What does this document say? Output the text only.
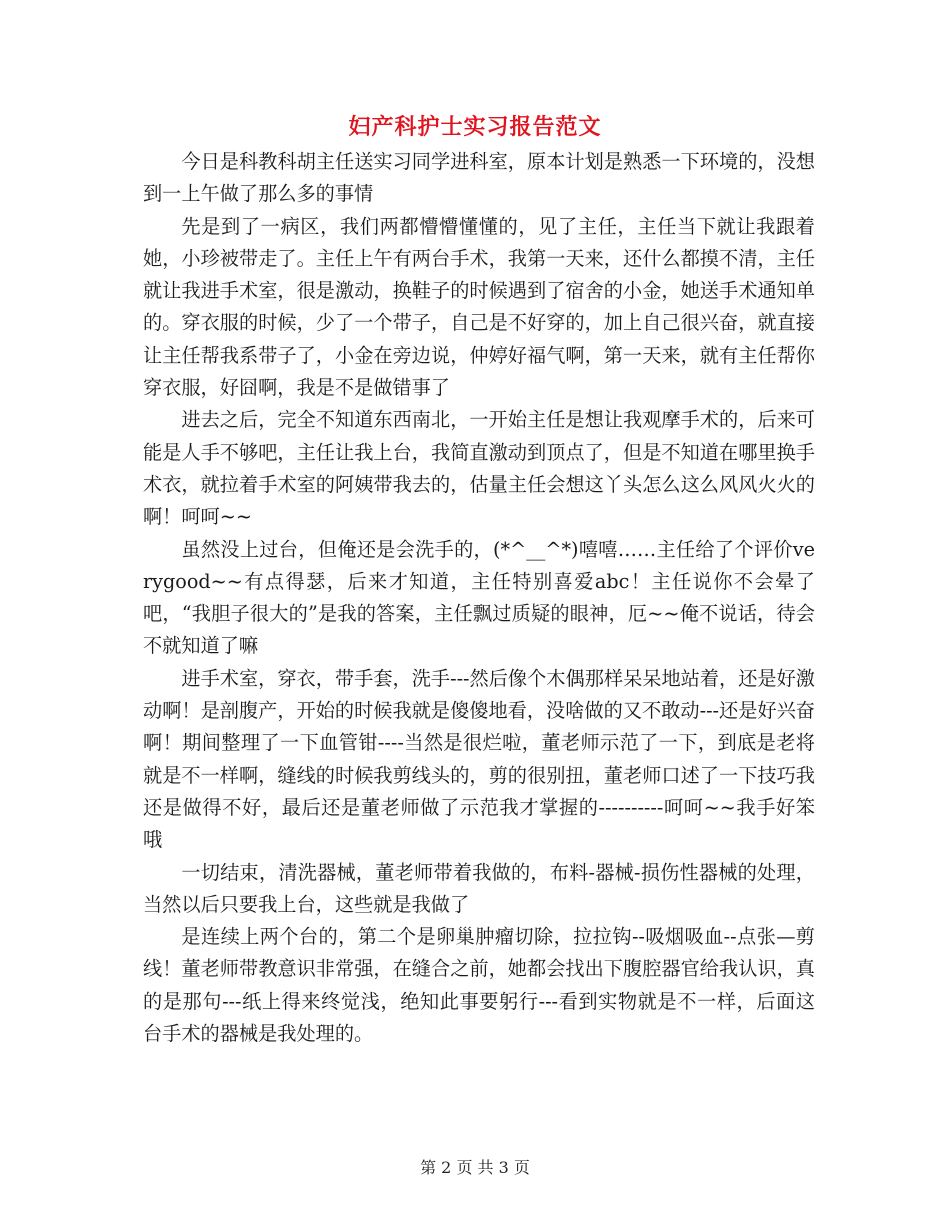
妇产科护士实习报告范文

今日是科教科胡主任送实习同学进科室，原本计划是熟悉一下环境的，没想到一上午做了那么多的事情

先是到了一病区，我们两都懵懵懂懂的，见了主任，主任当下就让我跟着她，小珍被带走了。主任上午有两台手术，我第一天来，还什么都摸不清，主任就让我进手术室，很是激动，换鞋子的时候遇到了宿舍的小金，她送手术通知单的。穿衣服的时候，少了一个带子，自己是不好穿的，加上自己很兴奋，就直接让主任帮我系带子了，小金在旁边说，仲婷好福气啊，第一天来，就有主任帮你穿衣服，好囧啊，我是不是做错事了

进去之后，完全不知道东西南北，一开始主任是想让我观摩手术的，后来可能是人手不够吧，主任让我上台，我简直激动到顶点了，但是不知道在哪里换手术衣，就拉着手术室的阿姨带我去的，估量主任会想这丫头怎么这么风风火火的啊！呵呵~~

虽然没上过台，但俺还是会洗手的，(*^__^*)嘻嘻……主任给了个评价verygood~~有点得瑟，后来才知道，主任特别喜爱abc！主任说你不会晕了吧，“我胆子很大的”是我的答案，主任飘过质疑的眼神，厄~~俺不说话，待会不就知道了嘛

进手术室，穿衣，带手套，洗手---然后像个木偶那样呆呆地站着，还是好激动啊！是剖腹产，开始的时候我就是傻傻地看，没啥做的又不敢动---还是好兴奋啊！期间整理了一下血管钳----当然是很烂啦，董老师示范了一下，到底是老将就是不一样啊，缝线的时候我剪线头的，剪的很别扭，董老师口述了一下技巧我还是做得不好，最后还是董老师做了示范我才掌握的----------呵呵~~我手好笨哦

一切结束，清洗器械，董老师带着我做的，布料-器械-损伤性器械的处理，当然以后只要我上台，这些就是我做了

是连续上两个台的，第二个是卵巢肿瘤切除，拉拉钩--吸烟吸血--点张—剪线！董老师带教意识非常强，在缝合之前，她都会找出下腹腔器官给我认识，真的是那句---纸上得来终觉浅，绝知此事要躬行---看到实物就是不一样，后面这台手术的器械是我处理的。

第 2 页 共 3 页
